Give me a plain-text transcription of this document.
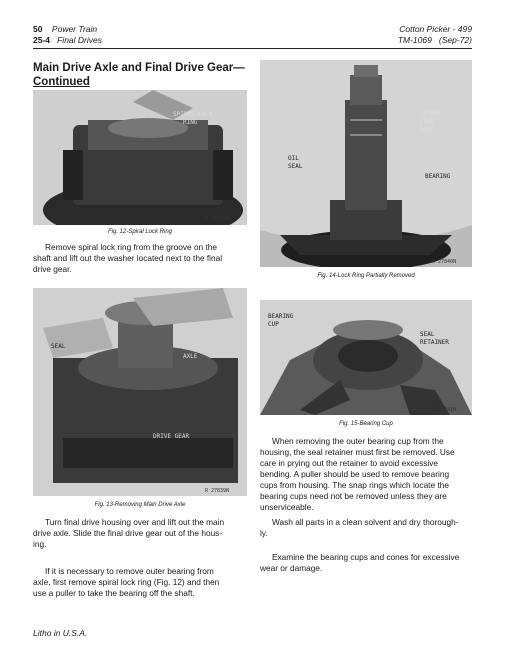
50 Power Train
25-4 Final Drives
Cotton Picker - 499
TM-1069 (Sep-72)
Main Drive Axle and Final Drive Gear—
Continued
SPIRAL LOCK
RING
R 27838N
Fig. 12-Spiral Lock Ring
Remove spiral lock ring from the groove on the
shaft and lift out the washer located next to the final
drive gear.
SPIRAL
LOCK
RING
OIL
SEAL
BEARING
R 27840N
Fig. 14-Lock Ring Partially Removed
SEAL
AXLE
DRIVE GEAR
R 27839N
Fig. 13-Removing Main Drive Axle
Turn final drive housing over and lift out the main
drive axle. Slide the final drive gear out of the hous-
ing.
If it is necessary to remove outer bearing from
axle, first remove spiral lock ring (Fig. 12) and then
use a puller to take the bearing off the shaft.
BEARING
CUP
SEAL
RETAINER
R 27841N
Fig. 15-Bearing Cup
When removing the outer bearing cup from the
housing, the seal retainer must first be removed. Use
care in prying out the retainer to avoid excessive
bending. A puller should be used to remove bearing
cups from housing. The snap rings which locate the
bearing cups need not be removed unless they are
unserviceable.
Wash all parts in a clean solvent and dry thorough-
ly.
Examine the bearing cups and cones for excessive
wear or damage.
Litho in U.S.A.
